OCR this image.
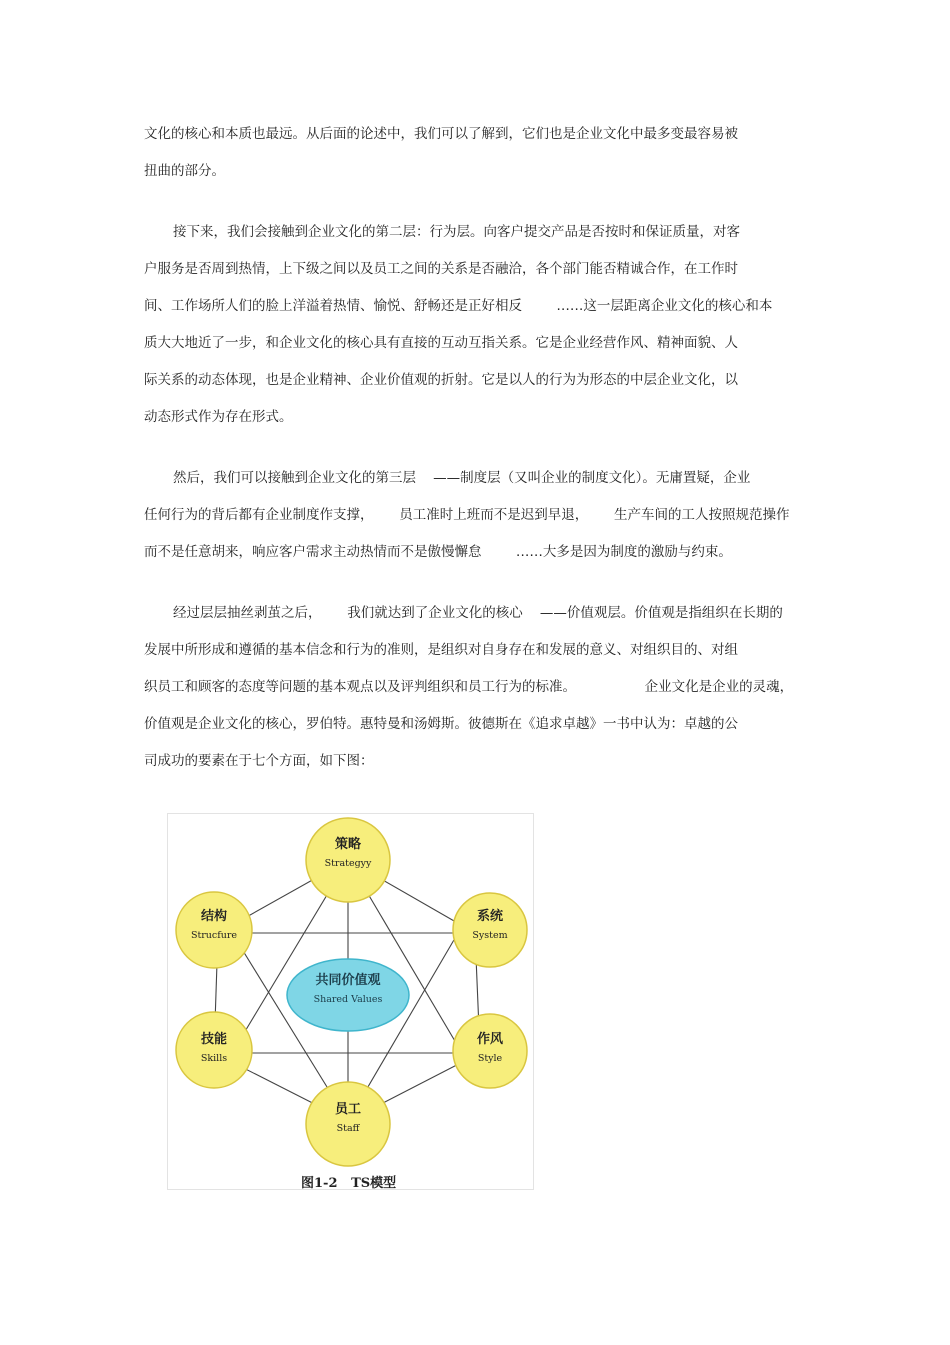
文化的核心和本质也最远。从后面的论述中，我们可以了解到，它们也是企业文化中最多变最容易被
扭曲的部分。
接下来，我们会接触到企业文化的第二层：行为层。向客户提交产品是否按时和保证质量，对客
户服务是否周到热情，上下级之间以及员工之间的关系是否融洽，各个部门能否精诚合作，在工作时
间、工作场所人们的脸上洋溢着热情、愉悦、舒畅还是正好相反        ……这一层距离企业文化的核心和本
质大大地近了一步，和企业文化的核心具有直接的互动互指关系。它是企业经营作风、精神面貌、人
际关系的动态体现，也是企业精神、企业价值观的折射。它是以人的行为为形态的中层企业文化，以
动态形式作为存在形式。
然后，我们可以接触到企业文化的第三层    ——制度层（又叫企业的制度文化）。无庸置疑，企业
任何行为的背后都有企业制度作支撑，      员工准时上班而不是迟到早退，      生产车间的工人按照规范操作
而不是任意胡来，响应客户需求主动热情而不是傲慢懈怠        ……大多是因为制度的激励与约束。
经过层层抽丝剥茧之后，      我们就达到了企业文化的核心    ——价值观层。价值观是指组织在长期的
发展中所形成和遵循的基本信念和行为的准则，是组织对自身存在和发展的意义、对组织目的、对组
织员工和顾客的态度等问题的基本观点以及评判组织和员工行为的标准。                企业文化是企业的灵魂，
价值观是企业文化的核心，罗伯特。惠特曼和汤姆斯。彼德斯在《追求卓越》一书中认为：卓越的公
司成功的要素在于七个方面，如下图：
共同价值观
Shared Values
策略
Strategyy
系统
System
作风
Style
员工
Staff
技能
Skills
结构
Strucfure
图1-2   TS模型
